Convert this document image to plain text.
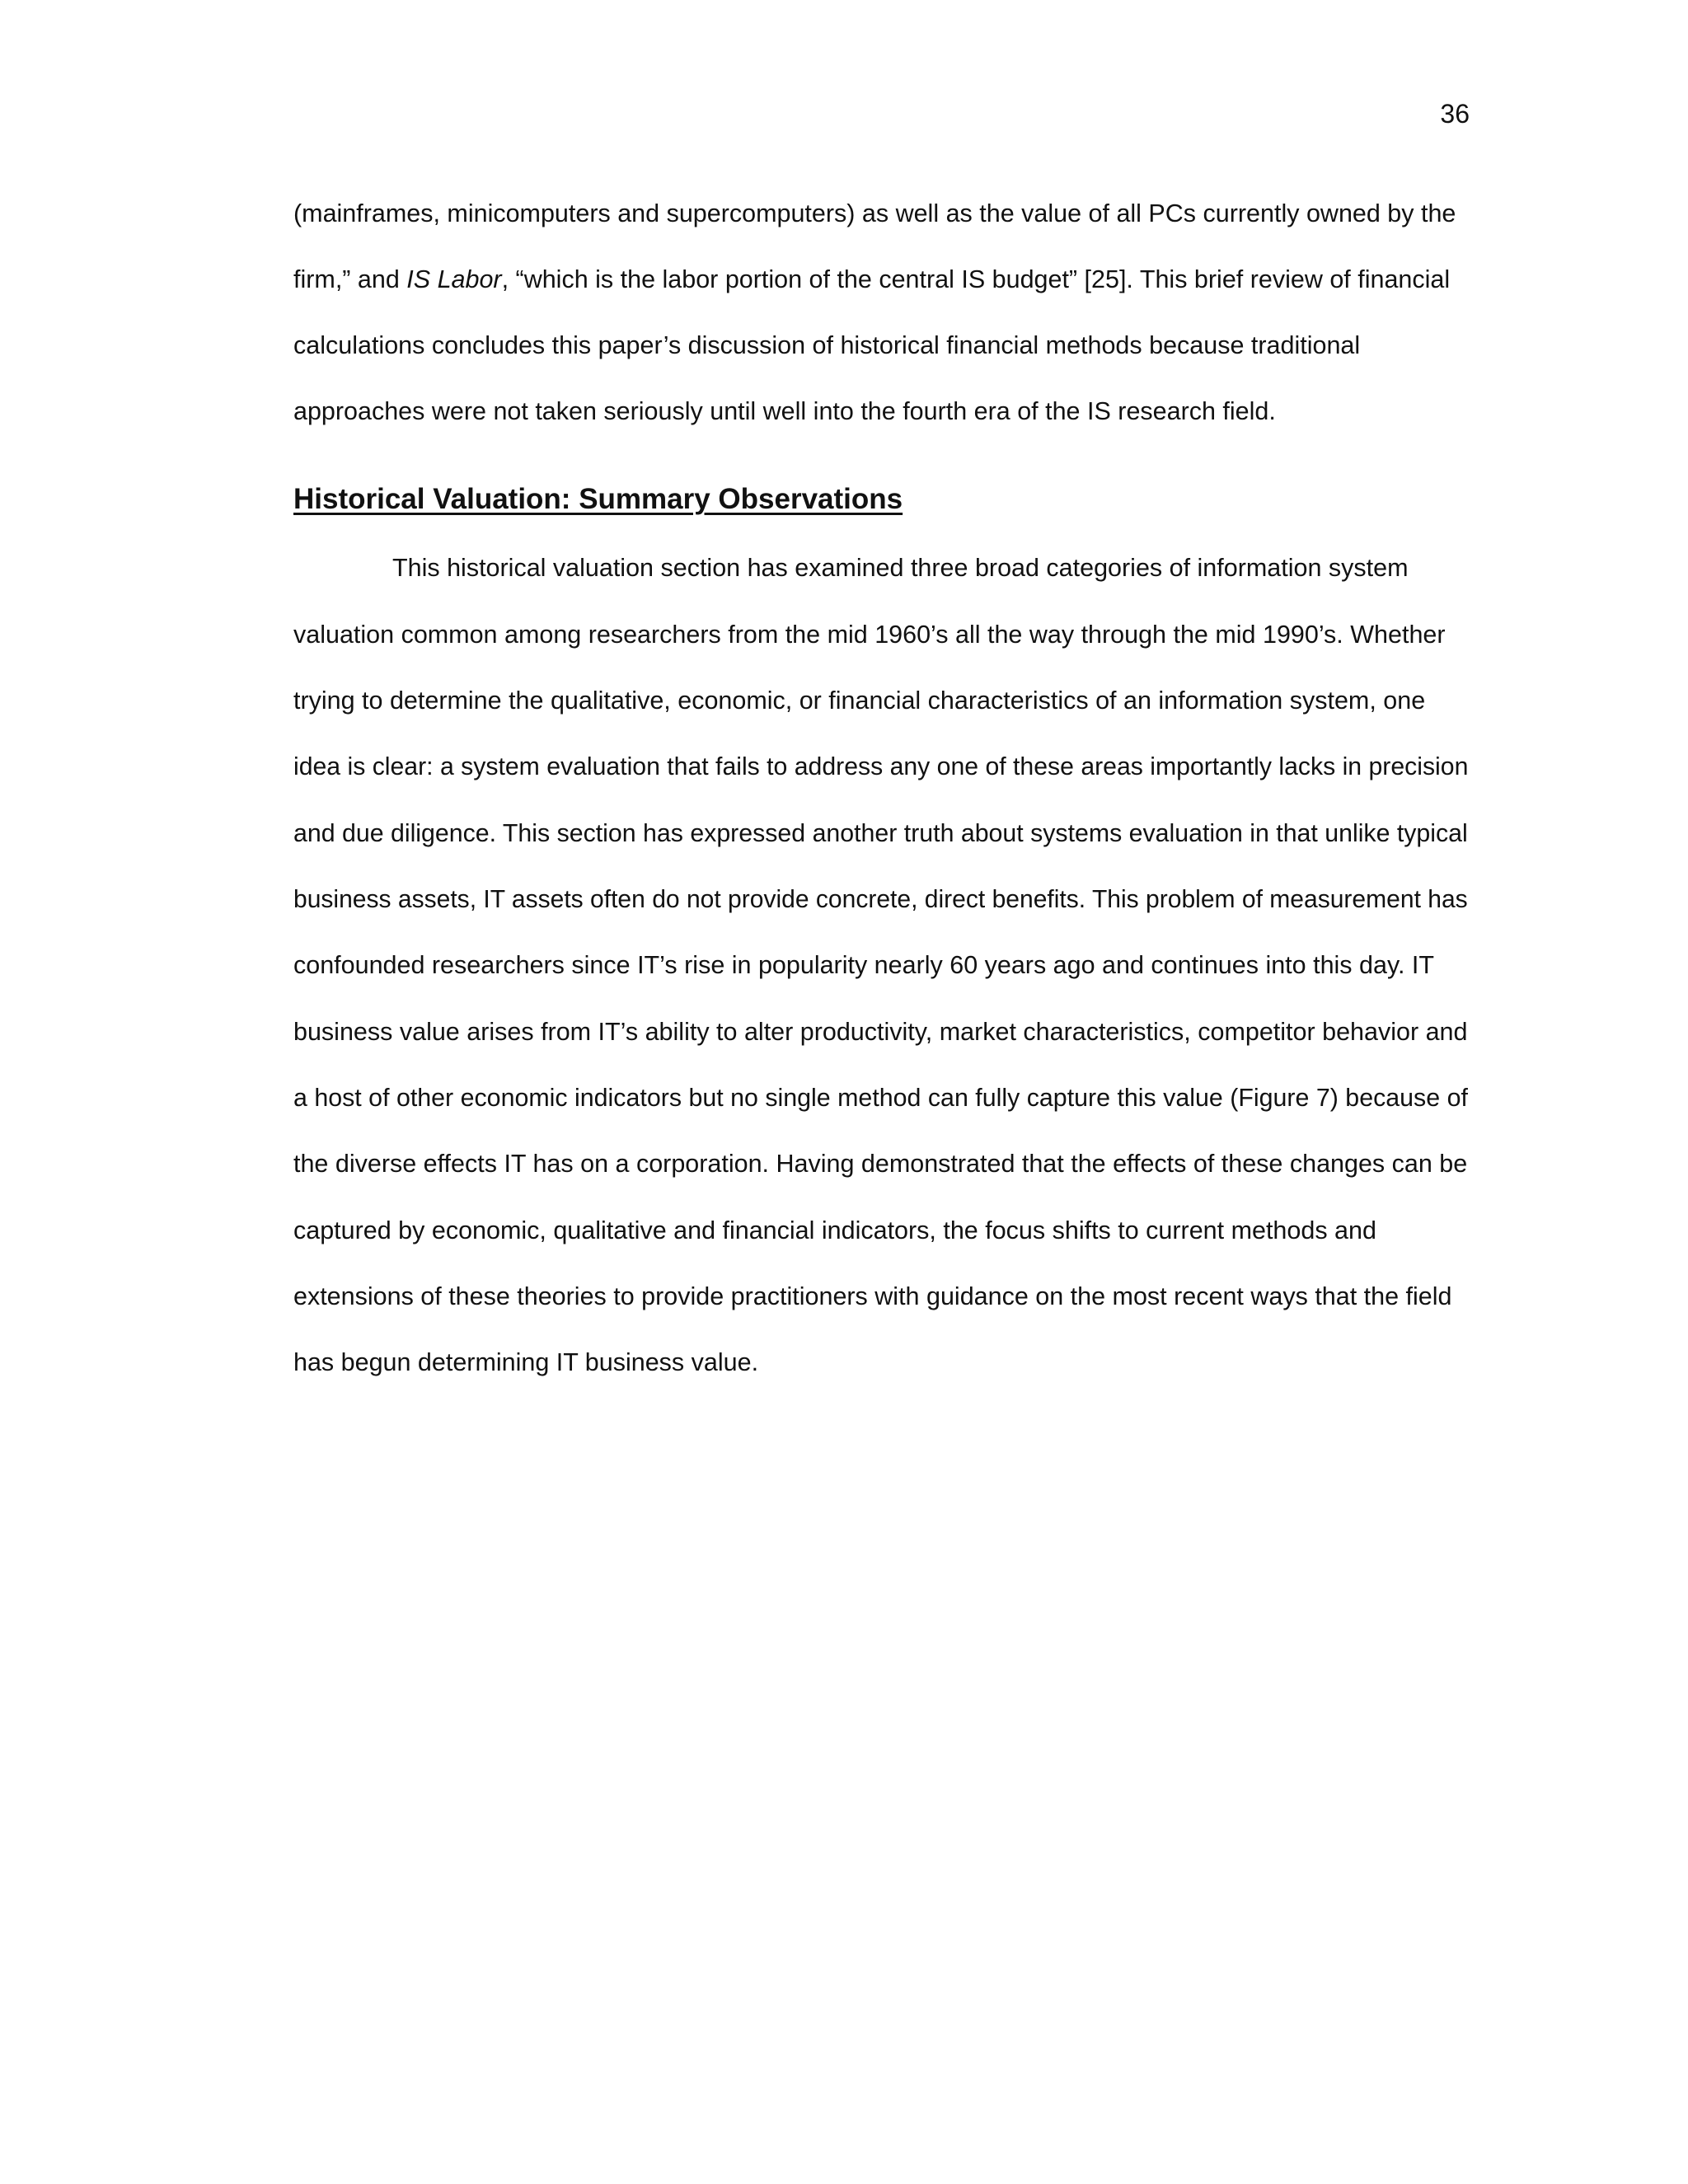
36

(mainframes, minicomputers and supercomputers) as well as the value of all PCs currently owned by the
firm,” and IS Labor, “which is the labor portion of the central IS budget” [25]. This brief review of financial
calculations concludes this paper’s discussion of historical financial methods because traditional
approaches were not taken seriously until well into the fourth era of the IS research field.
Historical Valuation: Summary Observations
This historical valuation section has examined three broad categories of information system
valuation common among researchers from the mid 1960’s all the way through the mid 1990’s. Whether
trying to determine the qualitative, economic, or financial characteristics of an information system, one
idea is clear: a system evaluation that fails to address any one of these areas importantly lacks in precision
and due diligence. This section has expressed another truth about systems evaluation in that unlike typical
business assets, IT assets often do not provide concrete, direct benefits. This problem of measurement has
confounded researchers since IT’s rise in popularity nearly 60 years ago and continues into this day. IT
business value arises from IT’s ability to alter productivity, market characteristics, competitor behavior and
a host of other economic indicators but no single method can fully capture this value (Figure 7) because of
the diverse effects IT has on a corporation. Having demonstrated that the effects of these changes can be
captured by economic, qualitative and financial indicators, the focus shifts to current methods and
extensions of these theories to provide practitioners with guidance on the most recent ways that the field
has begun determining IT business value.
